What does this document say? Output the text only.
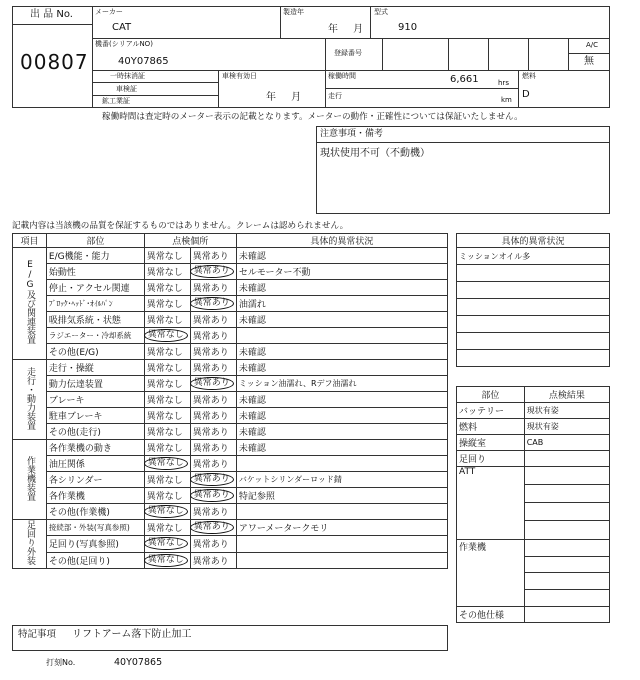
出 品 No.
00807
メーカー
CAT
製造年
年 月
型式
910
機番(シリアルNO)
40Y07865
登録番号
A/C
無
一時抹消証
車検証
鉱工業証
車検有効日
年 月
稼働時間	6,661	hrs
走行	km
燃料
D
稼働時間は査定時のメーター表示の記載となります。メーターの動作・正確性については保証いたしません。
注意事項・備考
現状使用不可（不動機）
記載内容は当該機の品質を保証するものではありません。クレームは認められません。
項目	部位	点検個所		具体的異常状況
E/G及び関連装置	E/G機能・能力	異常なし	異常あり	未確認
	始動性	異常なし	異常あり	セルモーター不動
	停止・アクセル関連	異常なし	異常あり	未確認
	ﾌﾞﾛｯｸ･ﾍｯﾄﾞ･ｵｲﾙﾊﾟﾝ	異常なし	異常あり	油濡れ
	吸排気系統・状態	異常なし	異常あり	未確認
	ラジエーター・冷却系統	異常なし	異常あり	
	その他(E/G)	異常なし	異常あり	未確認
走行・動力装置	走行・操縦	異常なし	異常あり	未確認
	動力伝達装置	異常なし	異常あり	ミッション油濡れ、Rデフ油濡れ
	ブレーキ	異常なし	異常あり	未確認
	駐車ブレーキ	異常なし	異常あり	未確認
	その他(走行)	異常なし	異常あり	未確認
作業機装置	各作業機の動き	異常なし	異常あり	未確認
	油圧関係	異常なし	異常あり	
	各シリンダー	異常なし	異常あり	バケットシリンダーロッド錆
	各作業機	異常なし	異常あり	特記参照
	その他(作業機)	異常なし	異常あり	
足回り外装	接続部・外装(写真参照)	異常なし	異常あり	アワーメータークモリ
	足回り(写真参照)	異常なし	異常あり	
	その他(足回り)	異常なし	異常あり	
具体的異常状況
ミッションオイル多

部位	点検結果
バッテリー	現状有姿
燃料	現状有姿
操縦室	CAB
足回り	
ATT	

作業機	

その他仕様	
特記事項 リフトアーム落下防止加工
打刻No.	40Y07865
